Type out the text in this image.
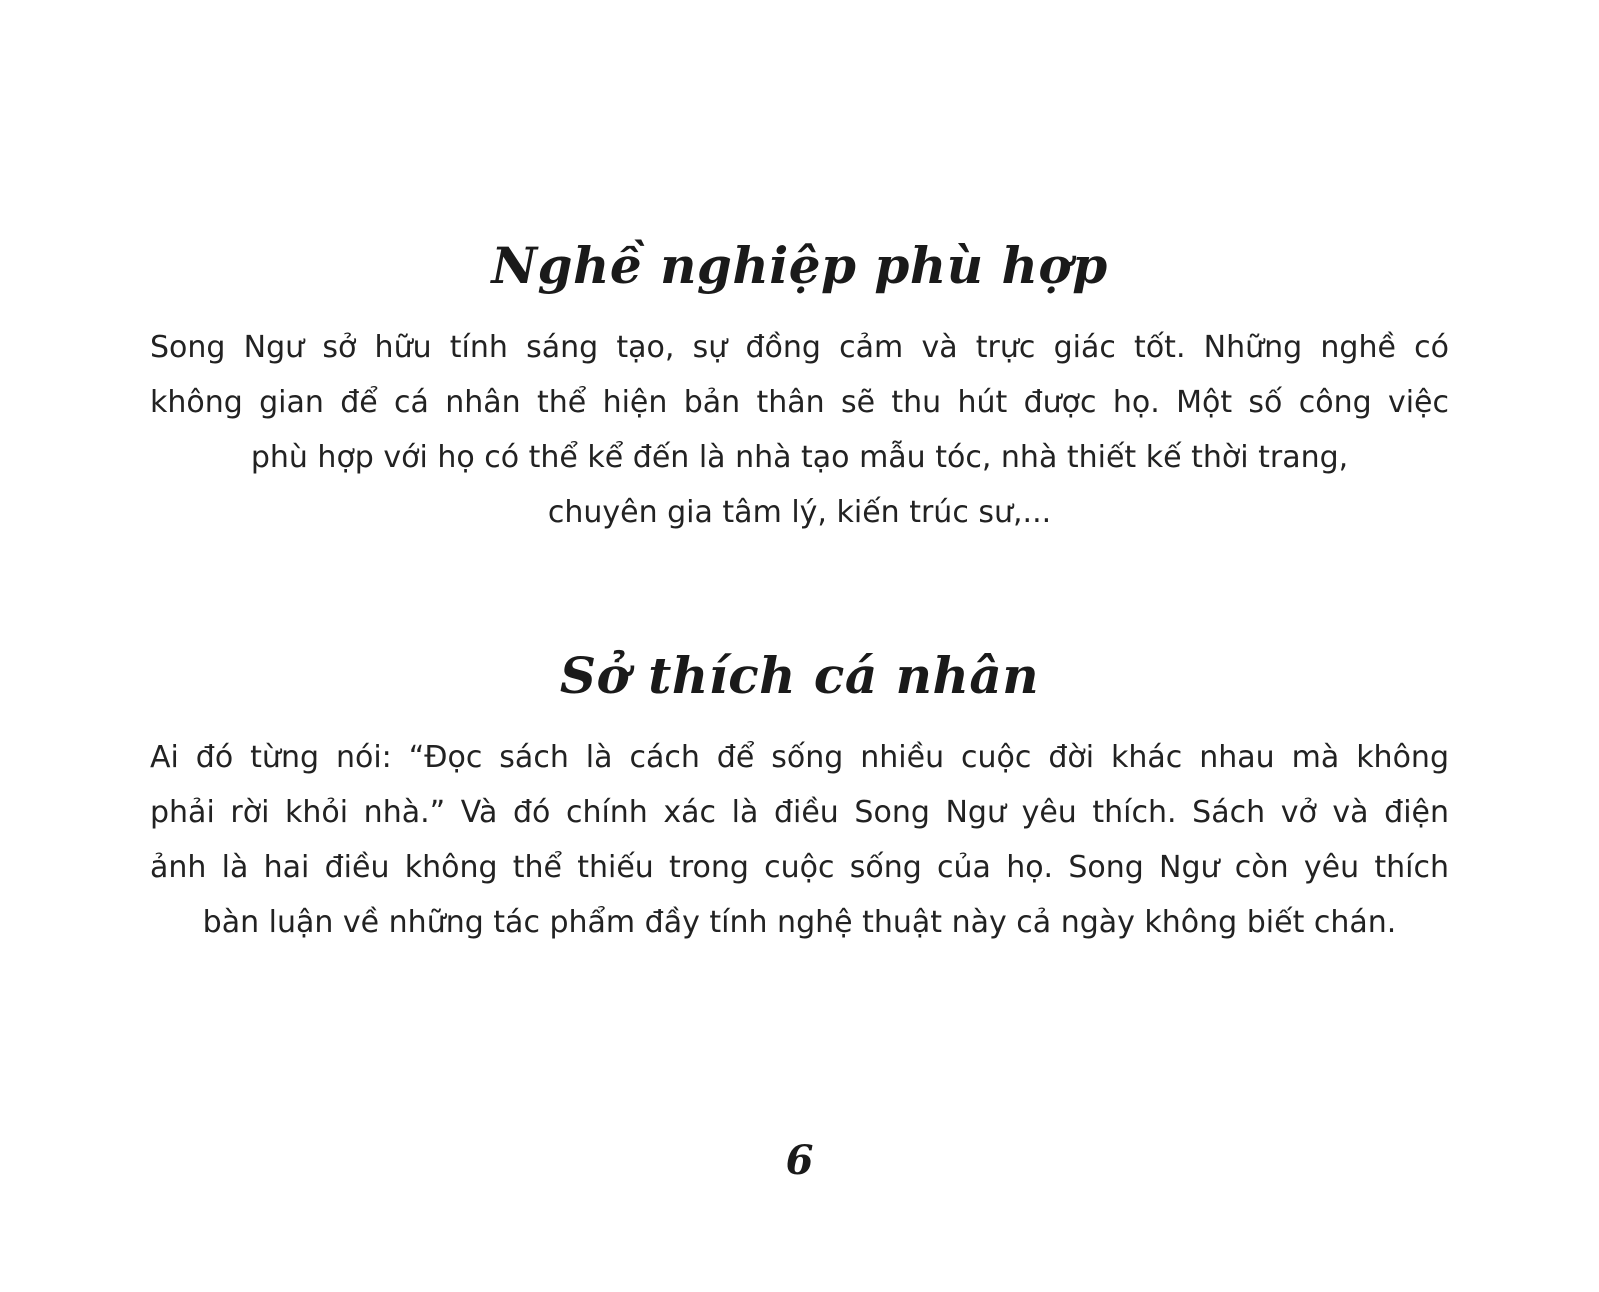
Nghề nghiệp phù hợp

Song Ngư sở hữu tính sáng tạo, sự đồng cảm và trực giác tốt. Những nghề có
không gian để cá nhân thể hiện bản thân sẽ thu hút được họ. Một số công việc
phù hợp với họ có thể kể đến là nhà tạo mẫu tóc, nhà thiết kế thời trang,
chuyên gia tâm lý, kiến trúc sư,...

Sở thích cá nhân

Ai đó từng nói: “Đọc sách là cách để sống nhiều cuộc đời khác nhau mà không
phải rời khỏi nhà.” Và đó chính xác là điều Song Ngư yêu thích. Sách vở và điện
ảnh là hai điều không thể thiếu trong cuộc sống của họ. Song Ngư còn yêu thích
bàn luận về những tác phẩm đầy tính nghệ thuật này cả ngày không biết chán.

6
